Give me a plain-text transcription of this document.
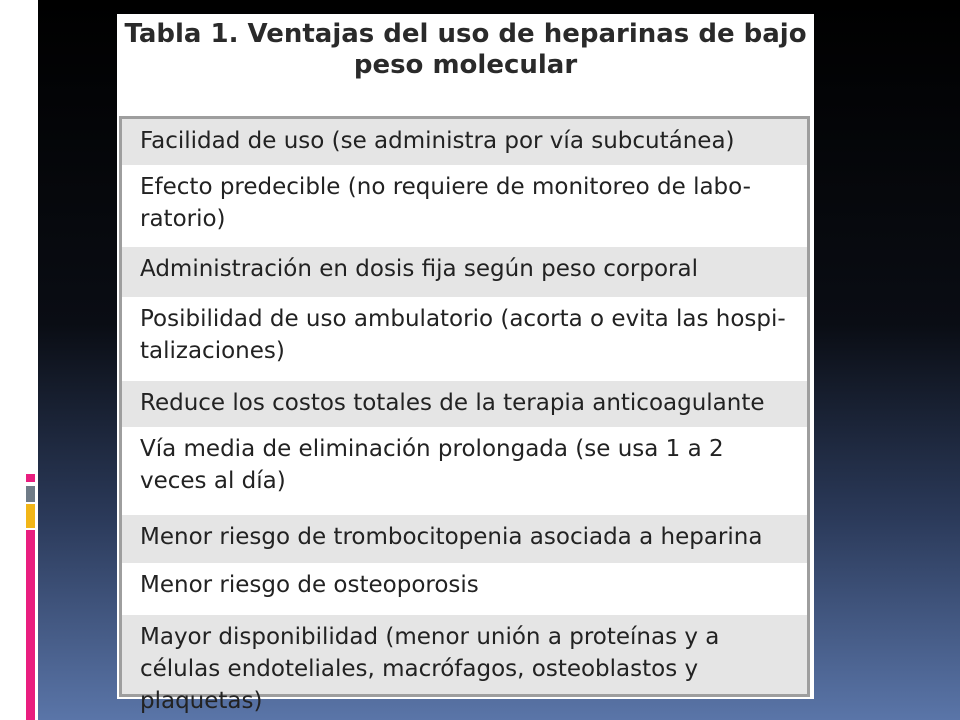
Tabla 1. Ventajas del uso de heparinas de bajo
peso molecular
Facilidad de uso (se administra por vía subcutánea)
Efecto predecible (no requiere de monitoreo de labo-ratorio)
Administración en dosis fija según peso corporal
Posibilidad de uso ambulatorio (acorta o evita las hospi-talizaciones)
Reduce los costos totales de la terapia anticoagulante
Vía media de eliminación prolongada (se usa 1 a 2 veces al día)
Menor riesgo de trombocitopenia asociada a heparina
Menor riesgo de osteoporosis
Mayor disponibilidad (menor unión a proteínas y a células endoteliales, macrófagos, osteoblastos y plaquetas)
